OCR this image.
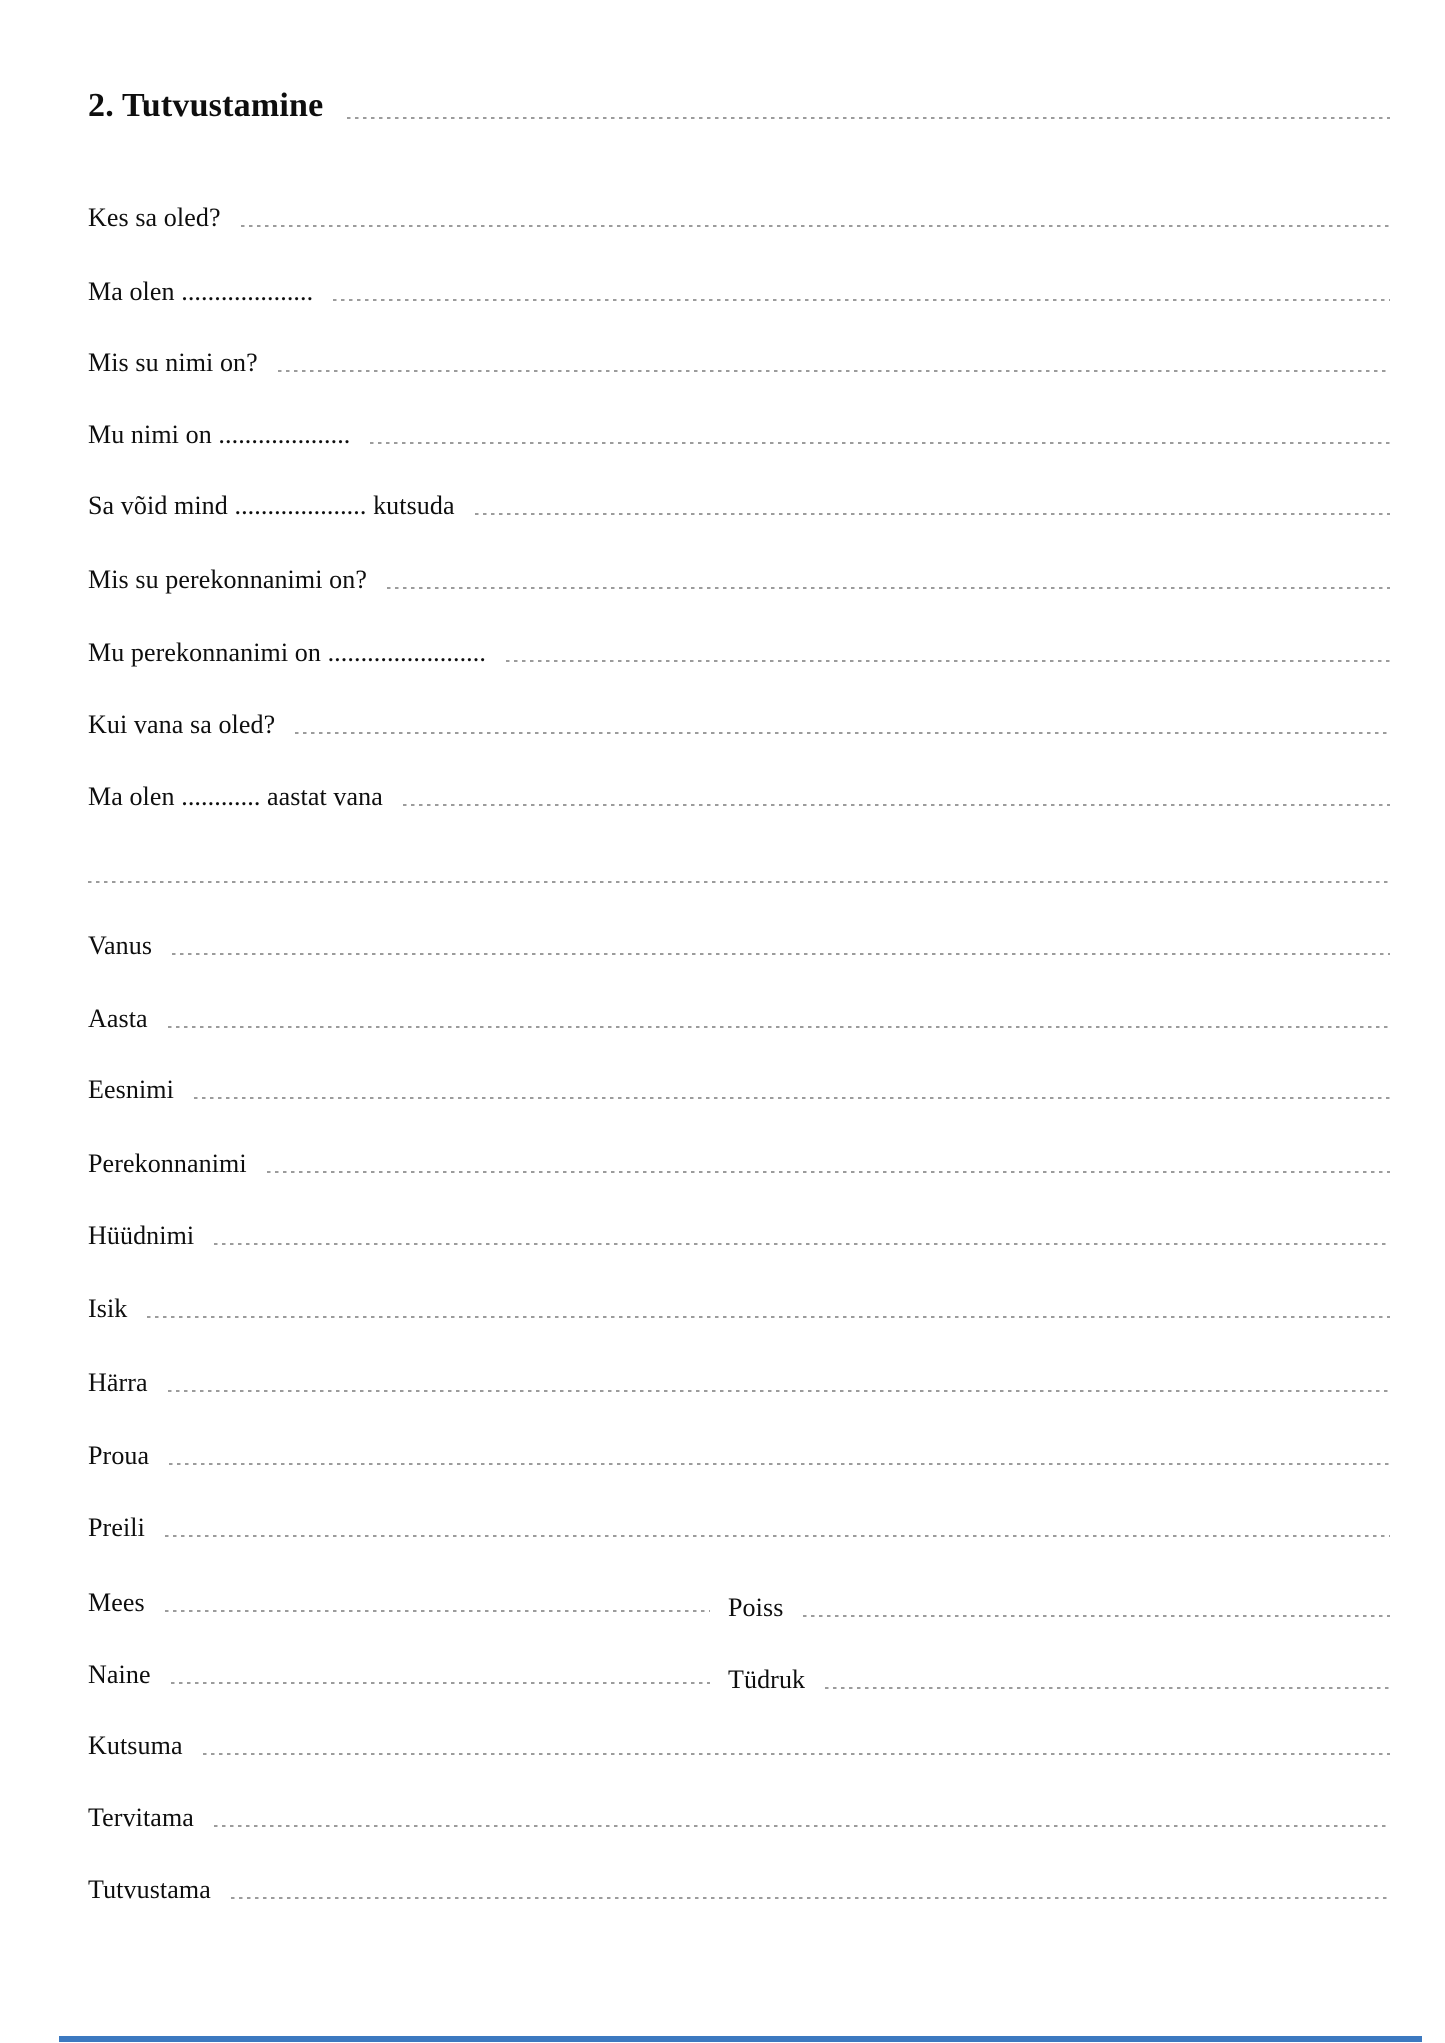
2. Tutvustamine
Kes sa oled?
Ma olen ....................
Mis su nimi on?
Mu nimi on ....................
Sa võid mind .................... kutsuda
Mis su perekonnanimi on?
Mu perekonnanimi on ........................
Kui vana sa oled?
Ma olen ............ aastat vana
Vanus
Aasta
Eesnimi
Perekonnanimi
Hüüdnimi
Isik
Härra
Proua
Preili
Mees	Poiss
Naine	Tüdruk
Kutsuma
Tervitama
Tutvustama
